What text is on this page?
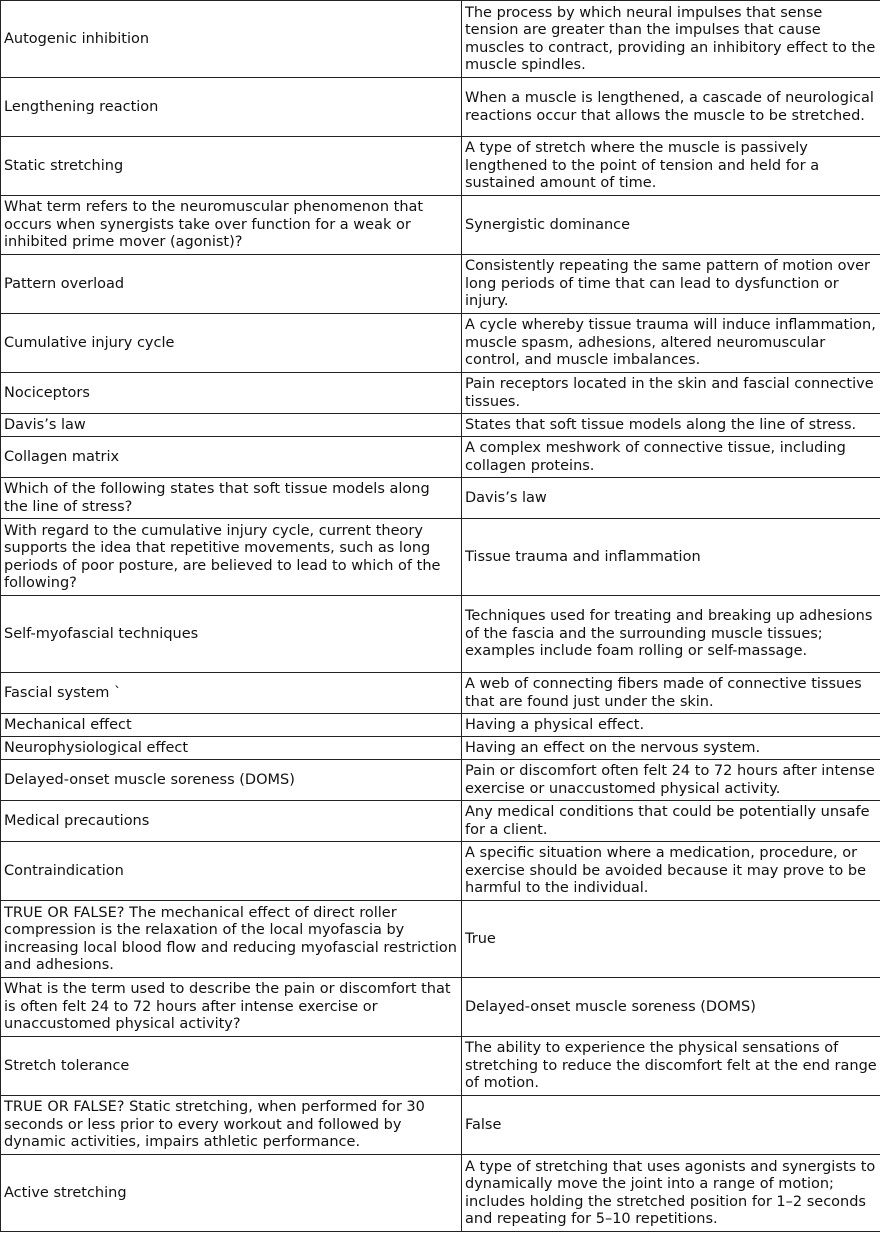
Autogenic inhibition	The process by which neural impulses that sense tension are greater than the impulses that cause muscles to contract, providing an inhibitory effect to the muscle spindles.
Lengthening reaction	When a muscle is lengthened, a cascade of neurological reactions occur that allows the muscle to be stretched.
Static stretching	A type of stretch where the muscle is passively lengthened to the point of tension and held for a sustained amount of time.
What term refers to the neuromuscular phenomenon that occurs when synergists take over function for a weak or inhibited prime mover (agonist)?	Synergistic dominance
Pattern overload	Consistently repeating the same pattern of motion over long periods of time that can lead to dysfunction or injury.
Cumulative injury cycle	A cycle whereby tissue trauma will induce inflammation, muscle spasm, adhesions, altered neuromuscular control, and muscle imbalances.
Nociceptors	Pain receptors located in the skin and fascial connective tissues.
Davis’s law	States that soft tissue models along the line of stress.
Collagen matrix	A complex meshwork of connective tissue, including collagen proteins.
Which of the following states that soft tissue models along the line of stress?	Davis’s law
With regard to the cumulative injury cycle, current theory supports the idea that repetitive movements, such as long periods of poor posture, are believed to lead to which of the following?	Tissue trauma and inflammation
Self-myofascial techniques	Techniques used for treating and breaking up adhesions of the fascia and the surrounding muscle tissues; examples include foam rolling or self-massage.
Fascial system `	A web of connecting fibers made of connective tissues that are found just under the skin.
Mechanical effect	Having a physical effect.
Neurophysiological effect	Having an effect on the nervous system.
Delayed-onset muscle soreness (DOMS)	Pain or discomfort often felt 24 to 72 hours after intense exercise or unaccustomed physical activity.
Medical precautions	Any medical conditions that could be potentially unsafe for a client.
Contraindication	A specific situation where a medication, procedure, or exercise should be avoided because it may prove to be harmful to the individual.
TRUE OR FALSE? The mechanical effect of direct roller compression is the relaxation of the local myofascia by increasing local blood flow and reducing myofascial restriction and adhesions.	True
What is the term used to describe the pain or discomfort that is often felt 24 to 72 hours after intense exercise or unaccustomed physical activity?	Delayed-onset muscle soreness (DOMS)
Stretch tolerance	The ability to experience the physical sensations of stretching to reduce the discomfort felt at the end range of motion.
TRUE OR FALSE? Static stretching, when performed for 30 seconds or less prior to every workout and followed by dynamic activities, impairs athletic performance.	False
Active stretching	A type of stretching that uses agonists and synergists to dynamically move the joint into a range of motion; includes holding the stretched position for 1–2 seconds and repeating for 5–10 repetitions.
